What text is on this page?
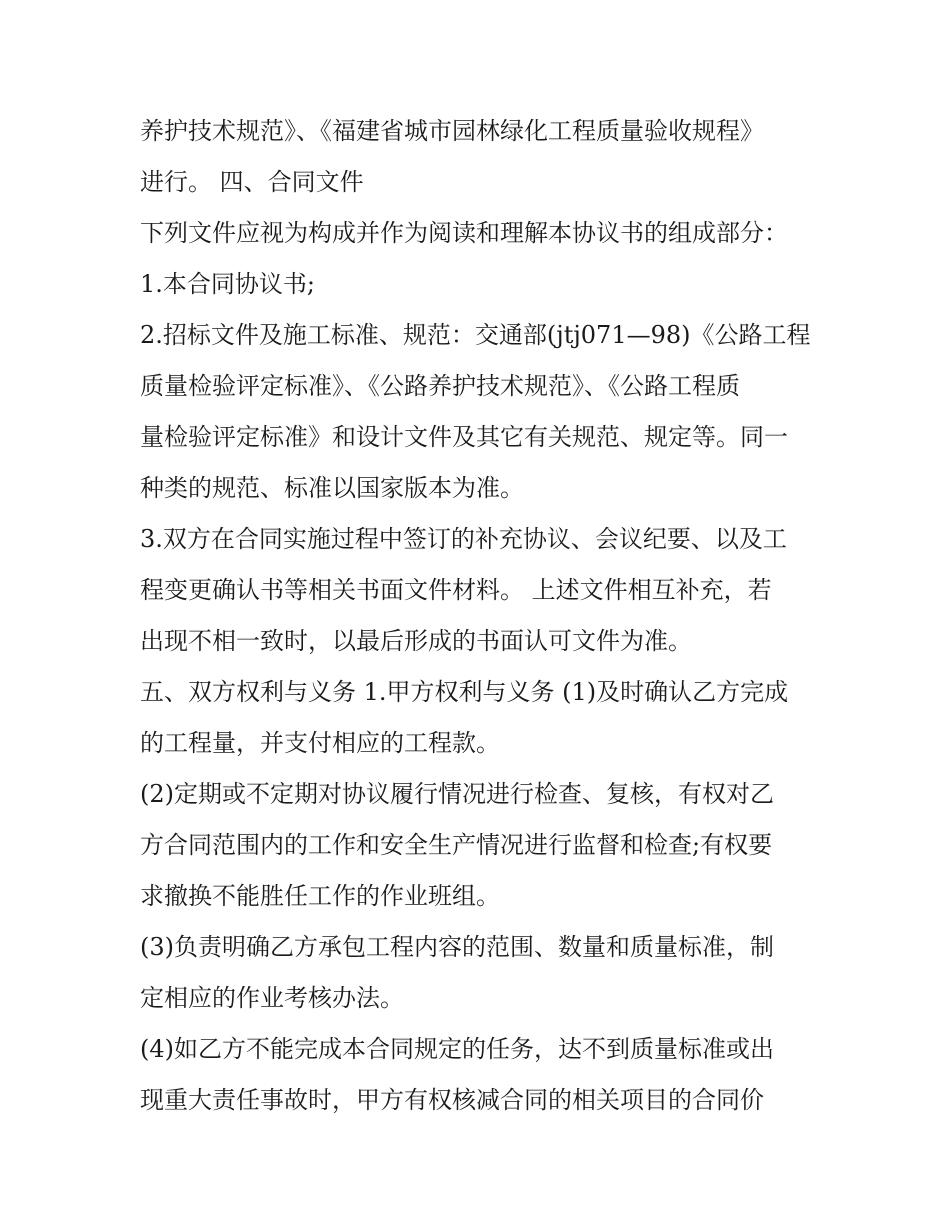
养护技术规范》、《福建省城市园林绿化工程质量验收规程》
进行。 四、合同文件
下列文件应视为构成并作为阅读和理解本协议书的组成部分：
1.本合同协议书;
2.招标文件及施工标准、规范：交通部(jtj071—98)《公路工程
质量检验评定标准》、《公路养护技术规范》、《公路工程质
量检验评定标准》和设计文件及其它有关规范、规定等。同一
种类的规范、标准以国家版本为准。
3.双方在合同实施过程中签订的补充协议、会议纪要、以及工
程变更确认书等相关书面文件材料。 上述文件相互补充，若
出现不相一致时，以最后形成的书面认可文件为准。
五、双方权利与义务 1.甲方权利与义务 (1)及时确认乙方完成
的工程量，并支付相应的工程款。
(2)定期或不定期对协议履行情况进行检查、复核，有权对乙
方合同范围内的工作和安全生产情况进行监督和检查;有权要
求撤换不能胜任工作的作业班组。
(3)负责明确乙方承包工程内容的范围、数量和质量标准，制
定相应的作业考核办法。
(4)如乙方不能完成本合同规定的任务，达不到质量标准或出
现重大责任事故时，甲方有权核减合同的相关项目的合同价
